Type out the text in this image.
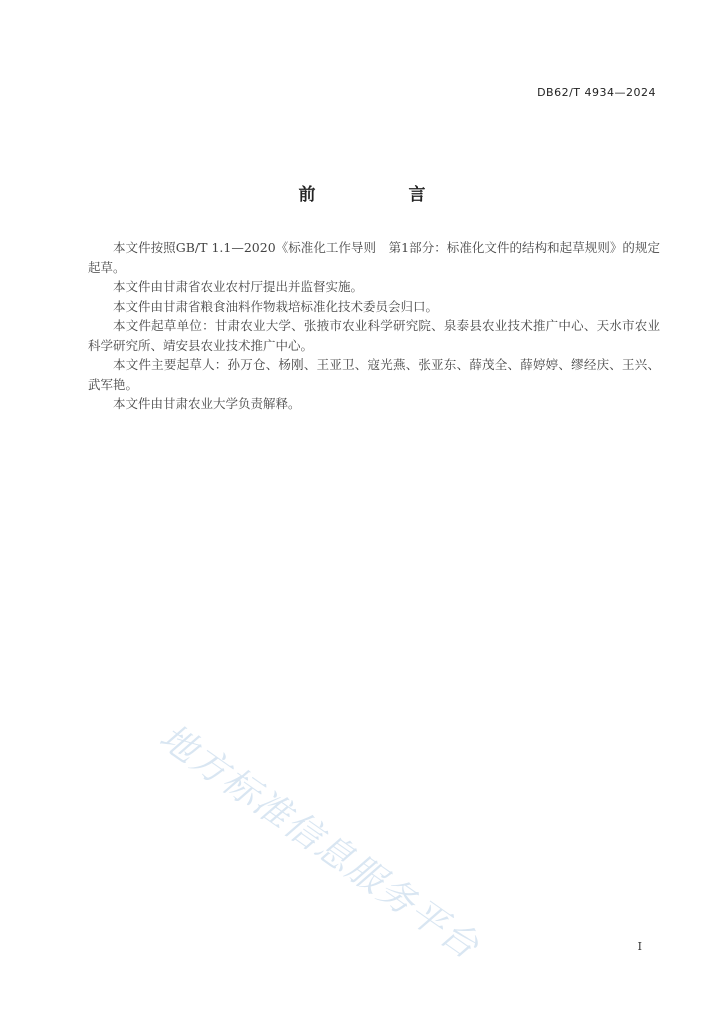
DB62/T 4934—2024
前　言

本文件按照GB/T 1.1—2020《标准化工作导则　第1部分：标准化文件的结构和起草规则》的规定起草。

本文件由甘肃省农业农村厅提出并监督实施。

本文件由甘肃省粮食油料作物栽培标准化技术委员会归口。

本文件起草单位：甘肃农业大学、张掖市农业科学研究院、泉泰县农业技术推广中心、天水市农业科学研究所、靖安县农业技术推广中心。

本文件主要起草人：孙万仓、杨刚、王亚卫、寇光燕、张亚东、薛茂全、薛婷婷、缪经庆、王兴、武军艳。

本文件由甘肃农业大学负责解释。

地方标准信息服务平台	I
